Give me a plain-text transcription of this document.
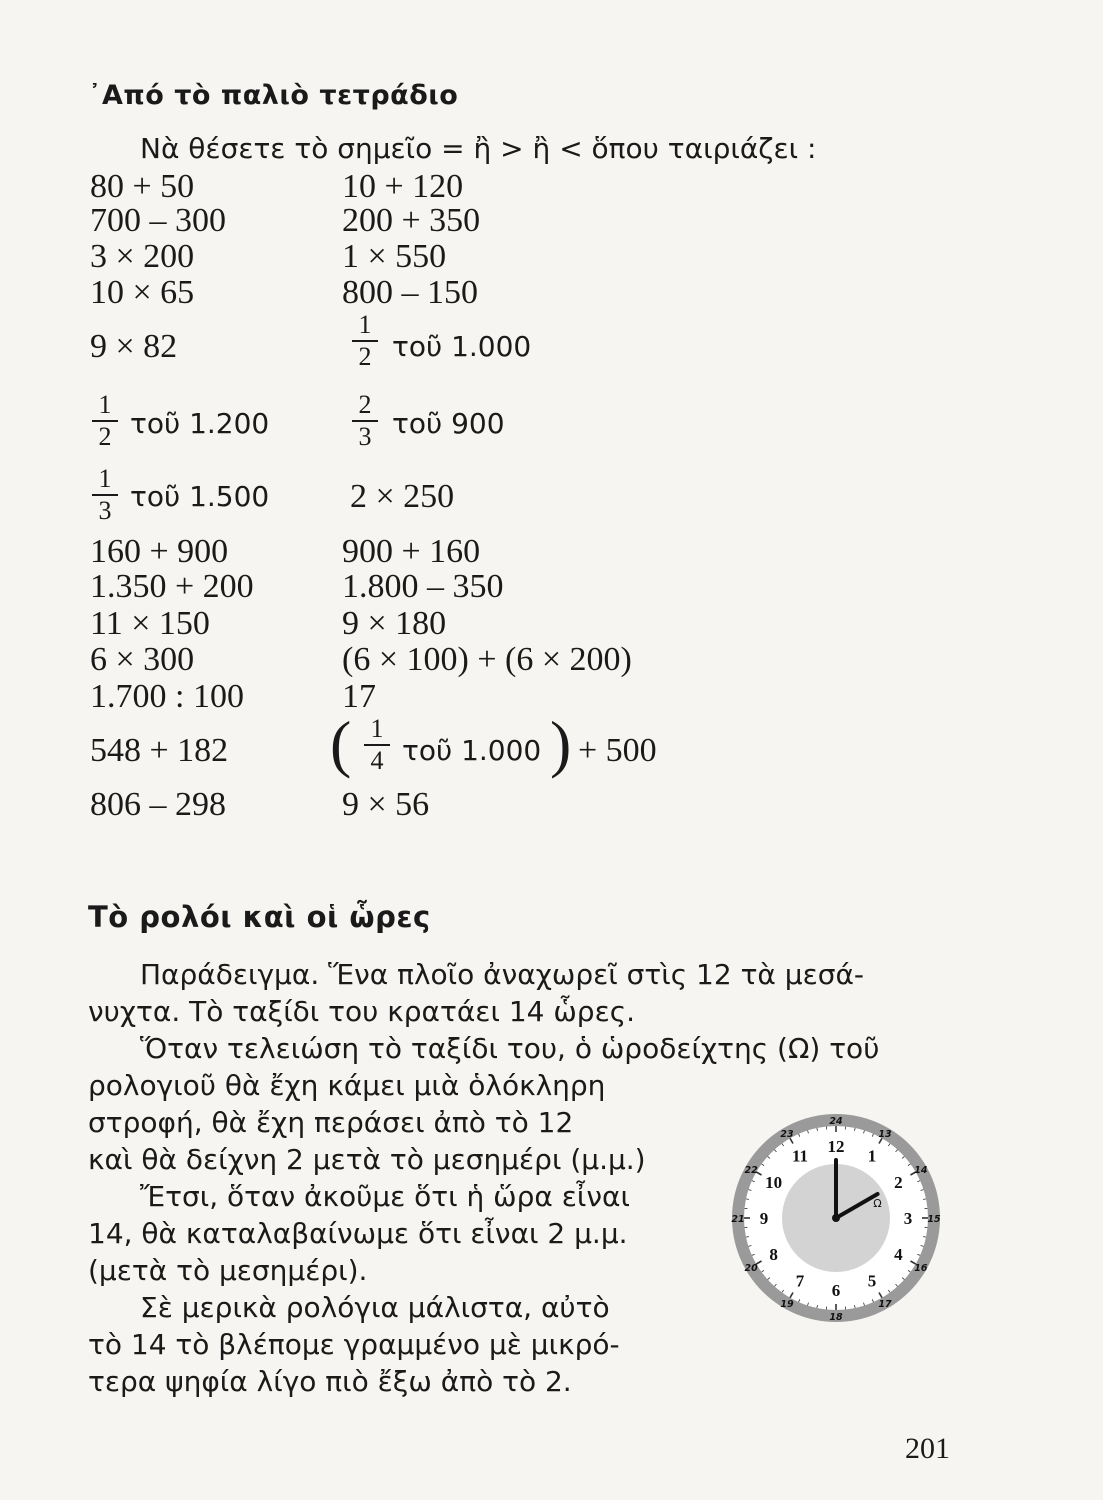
᾿Από τὸ παλιὸ τετράδιο
Νὰ θέσετε τὸ σημεῖο = ἢ > ἢ < ὅπου ταιριάζει :
80 + 50
700 – 300
3 × 200
10 × 65
9 × 82
1
2 τοῦ 1.200
1
3 τοῦ 1.500
160 + 900
1.350 + 200
11 × 150
6 × 300
1.700 : 100
548 + 182
806 – 298
10 + 120
200 + 350
1 × 550
800 – 150
1
2 τοῦ 1.000
2
3 τοῦ 900
2 × 250
900 + 160
1.800 – 350
9 × 180
(6 × 100) + (6 × 200)
17
( 1
4 τοῦ 1.000 ) + 500
9 × 56
Τὸ ρολόι καὶ οἱ ὧρες
Παράδειγμα. Ἕνα πλοῖο ἀναχωρεῖ στὶς 12 τὰ μεσά-
νυχτα. Τὸ ταξίδι του κρατάει 14 ὧρες.
Ὅταν τελειώση τὸ ταξίδι του, ὁ ὡροδείχτης (Ω) τοῦ
ρολογιοῦ θὰ ἔχη κάμει μιὰ ὁλόκληρη
στροφή, θὰ ἔχη περάσει ἀπὸ τὸ 12
καὶ θὰ δείχνη 2 μετὰ τὸ μεσημέρι (μ.μ.)
Ἔτσι, ὅταν ἀκοῦμε ὅτι ἡ ὥρα εἶναι
14, θὰ καταλαβαίνωμε ὅτι εἶναι 2 μ.μ.
(μετὰ τὸ μεσημέρι).
Σὲ μερικὰ ρολόγια μάλιστα, αὐτὸ
τὸ 14 τὸ βλέπομε γραμμένο μὲ μικρό-
τερα ψηφία λίγο πιὸ ἔξω ἀπὸ τὸ 2.
12
1
2
3
4
5
6
7
8
9
10
11
24
13
14
15
16
17
18
19
20
21
22
23
Ω
201
